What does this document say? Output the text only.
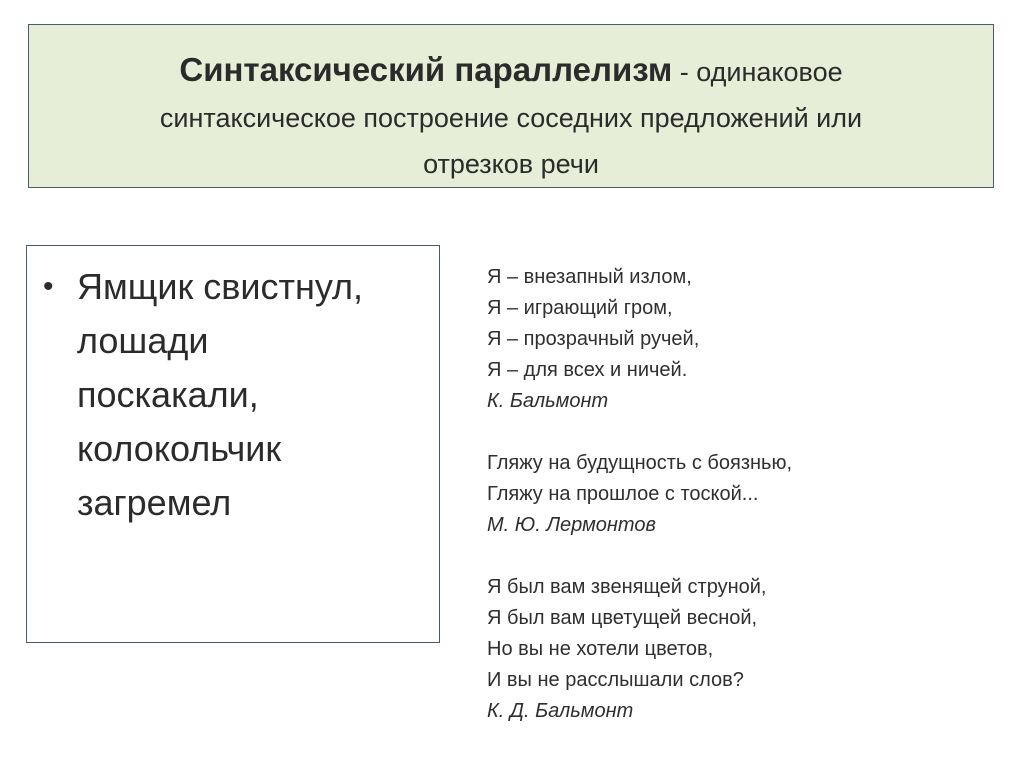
Синтаксический параллелизм - одинаковое
синтаксическое построение соседних предложений или
отрезков речи
• Ямщик свистнул,
лошади
поскакали,
колокольчик
загремел
Я – внезапный излом,
Я – играющий гром,
Я – прозрачный ручей,
Я – для всех и ничей.
К. Бальмонт
Гляжу на будущность с боязнью,
Гляжу на прошлое с тоской...
М. Ю. Лермонтов
Я был вам звенящей струной,
Я был вам цветущей весной,
Но вы не хотели цветов,
И вы не расслышали слов?
К. Д. Бальмонт
